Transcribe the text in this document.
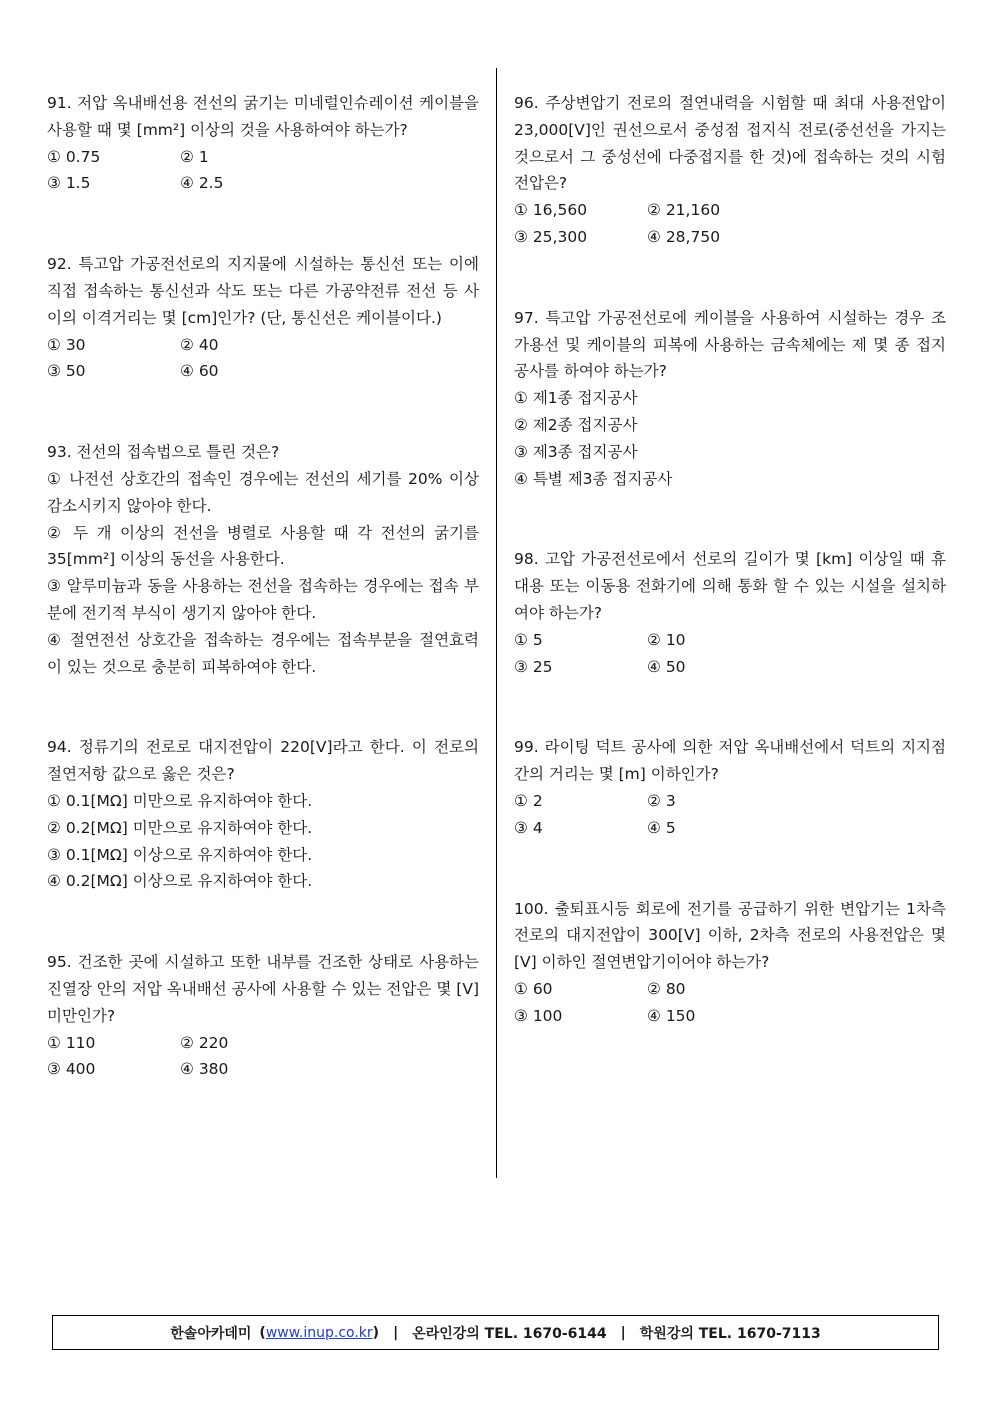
91. 저압 옥내배선용 전선의 굵기는 미네럴인슈레이션 케이블을 사용할 때 몇 [mm²] 이상의 것을 사용하여야 하는가?

① 0.75	② 1
③ 1.5	④ 2.5

92. 특고압 가공전선로의 지지물에 시설하는 통신선 또는 이에 직접 접속하는 통신선과 삭도 또는 다른 가공약전류 전선 등 사이의 이격거리는 몇 [cm]인가? (단, 통신선은 케이블이다.)

① 30	② 40
③ 50	④ 60

93. 전선의 접속법으로 틀린 것은?

① 나전선 상호간의 접속인 경우에는 전선의 세기를 20% 이상 감소시키지 않아야 한다.
② 두 개 이상의 전선을 병렬로 사용할 때 각 전선의 굵기를 35[mm²] 이상의 동선을 사용한다.
③ 알루미늄과 동을 사용하는 전선을 접속하는 경우에는 접속 부분에 전기적 부식이 생기지 않아야 한다.
④ 절연전선 상호간을 접속하는 경우에는 접속부분을 절연효력이 있는 것으로 충분히 피복하여야 한다.

94. 정류기의 전로로 대지전압이 220[V]라고 한다. 이 전로의 절연저항 값으로 옳은 것은?

① 0.1[MΩ] 미만으로 유지하여야 한다.
② 0.2[MΩ] 미만으로 유지하여야 한다.
③ 0.1[MΩ] 이상으로 유지하여야 한다.
④ 0.2[MΩ] 이상으로 유지하여야 한다.

95. 건조한 곳에 시설하고 또한 내부를 건조한 상태로 사용하는 진열장 안의 저압 옥내배선 공사에 사용할 수 있는 전압은 몇 [V] 미만인가?

① 110	② 220
③ 400	④ 380

96. 주상변압기 전로의 절연내력을 시험할 때 최대 사용전압이 23,000[V]인 권선으로서 중성점 접지식 전로(중선선을 가지는 것으로서 그 중성선에 다중접지를 한 것)에 접속하는 것의 시험전압은?

① 16,560	② 21,160
③ 25,300	④ 28,750

97. 특고압 가공전선로에 케이블을 사용하여 시설하는 경우 조가용선 및 케이블의 피복에 사용하는 금속체에는 제 몇 종 접지공사를 하여야 하는가?

① 제1종 접지공사
② 제2종 접지공사
③ 제3종 접지공사
④ 특별 제3종 접지공사

98. 고압 가공전선로에서 선로의 길이가 몇 [km] 이상일 때 휴대용 또는 이동용 전화기에 의해 통화 할 수 있는 시설을 설치하여야 하는가?

① 5	② 10
③ 25	④ 50

99. 라이팅 덕트 공사에 의한 저압 옥내배선에서 덕트의 지지점간의 거리는 몇 [m] 이하인가?

① 2	② 3
③ 4	④ 5

100. 출퇴표시등 회로에 전기를 공급하기 위한 변압기는 1차측 전로의 대지전압이 300[V] 이하, 2차측 전로의 사용전압은 몇 [V] 이하인 절연변압기이어야 하는가?

① 60	② 80
③ 100	④ 150
한솔아카데미 (www.inup.co.kr) | 온라인강의 TEL. 1670-6144 | 학원강의 TEL. 1670-7113
